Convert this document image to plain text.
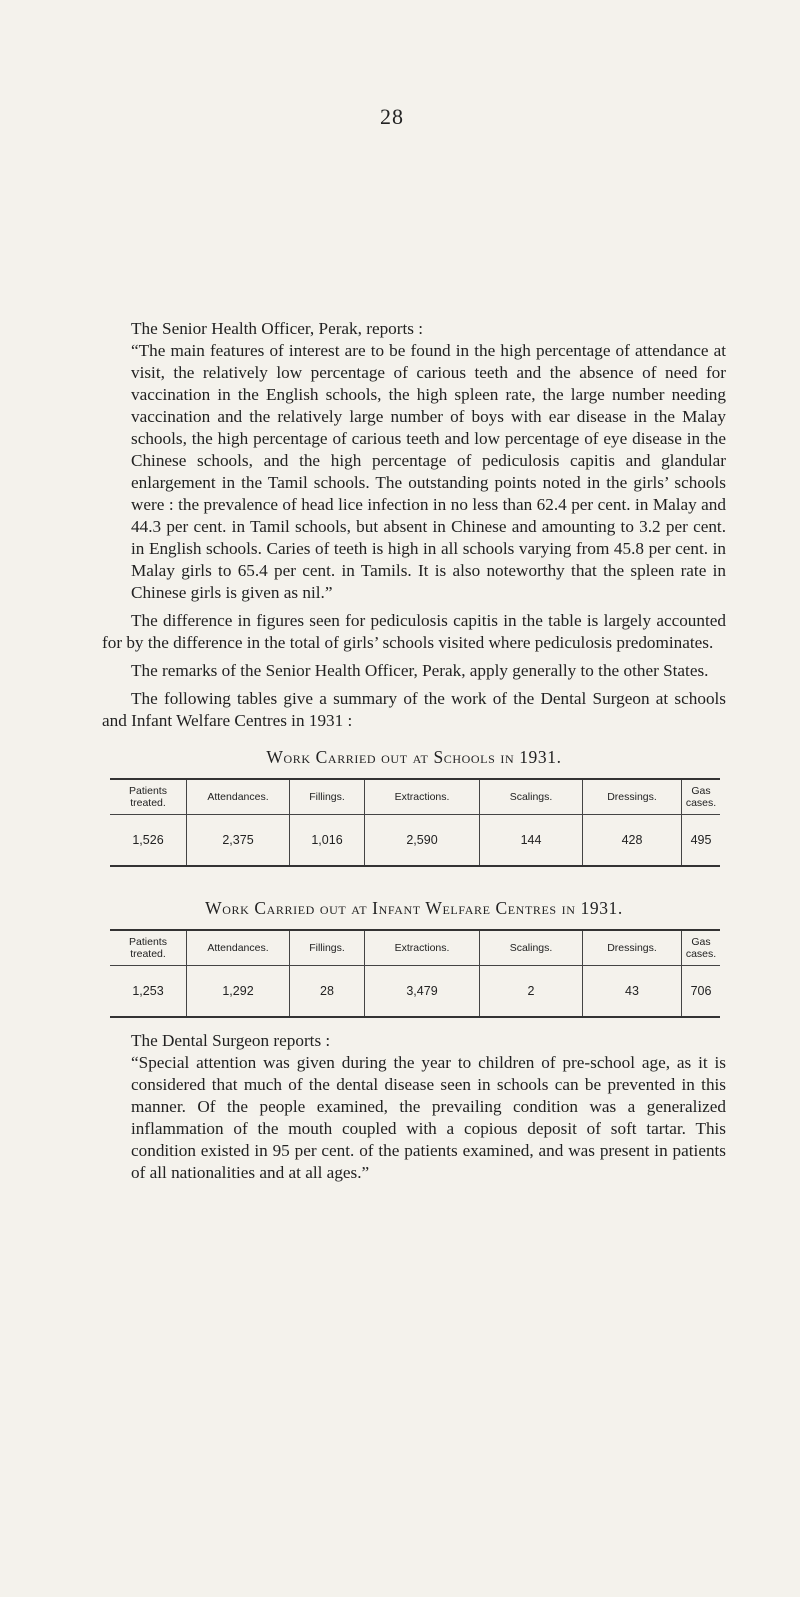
28

The Senior Health Officer, Perak, reports :

“The main features of interest are to be found in the high percentage of attendance at visit, the relatively low percentage of carious teeth and the absence of need for vaccination in the English schools, the high spleen rate, the large number needing vaccination and the relatively large number of boys with ear disease in the Malay schools, the high percentage of carious teeth and low percentage of eye disease in the Chinese schools, and the high percentage of pediculosis capitis and glandular enlargement in the Tamil schools. The outstanding points noted in the girls’ schools were : the prevalence of head lice infection in no less than 62.4 per cent. in Malay and 44.3 per cent. in Tamil schools, but absent in Chinese and amounting to 3.2 per cent. in English schools. Caries of teeth is high in all schools varying from 45.8 per cent. in Malay girls to 65.4 per cent. in Tamils. It is also noteworthy that the spleen rate in Chinese girls is given as nil.”

The difference in figures seen for pediculosis capitis in the table is largely accounted for by the difference in the total of girls’ schools visited where pediculosis predominates.

The remarks of the Senior Health Officer, Perak, apply generally to the other States.

The following tables give a summary of the work of the Dental Surgeon at schools and Infant Welfare Centres in 1931 :

Work Carried out at Schools in 1931.

Patients treated.	Attendances.	Fillings.	Extractions.	Scalings.	Dressings.	Gas cases.
1,526	2,375	1,016	2,590	144	428	495

Work Carried out at Infant Welfare Centres in 1931.

Patients treated.	Attendances.	Fillings.	Extractions.	Scalings.	Dressings.	Gas cases.
1,253	1,292	28	3,479	2	43	706

The Dental Surgeon reports :

“Special attention was given during the year to children of pre-school age, as it is considered that much of the dental disease seen in schools can be prevented in this manner. Of the people examined, the prevailing condition was a generalized inflammation of the mouth coupled with a copious deposit of soft tartar. This condition existed in 95 per cent. of the patients examined, and was present in patients of all nationalities and at all ages.”
